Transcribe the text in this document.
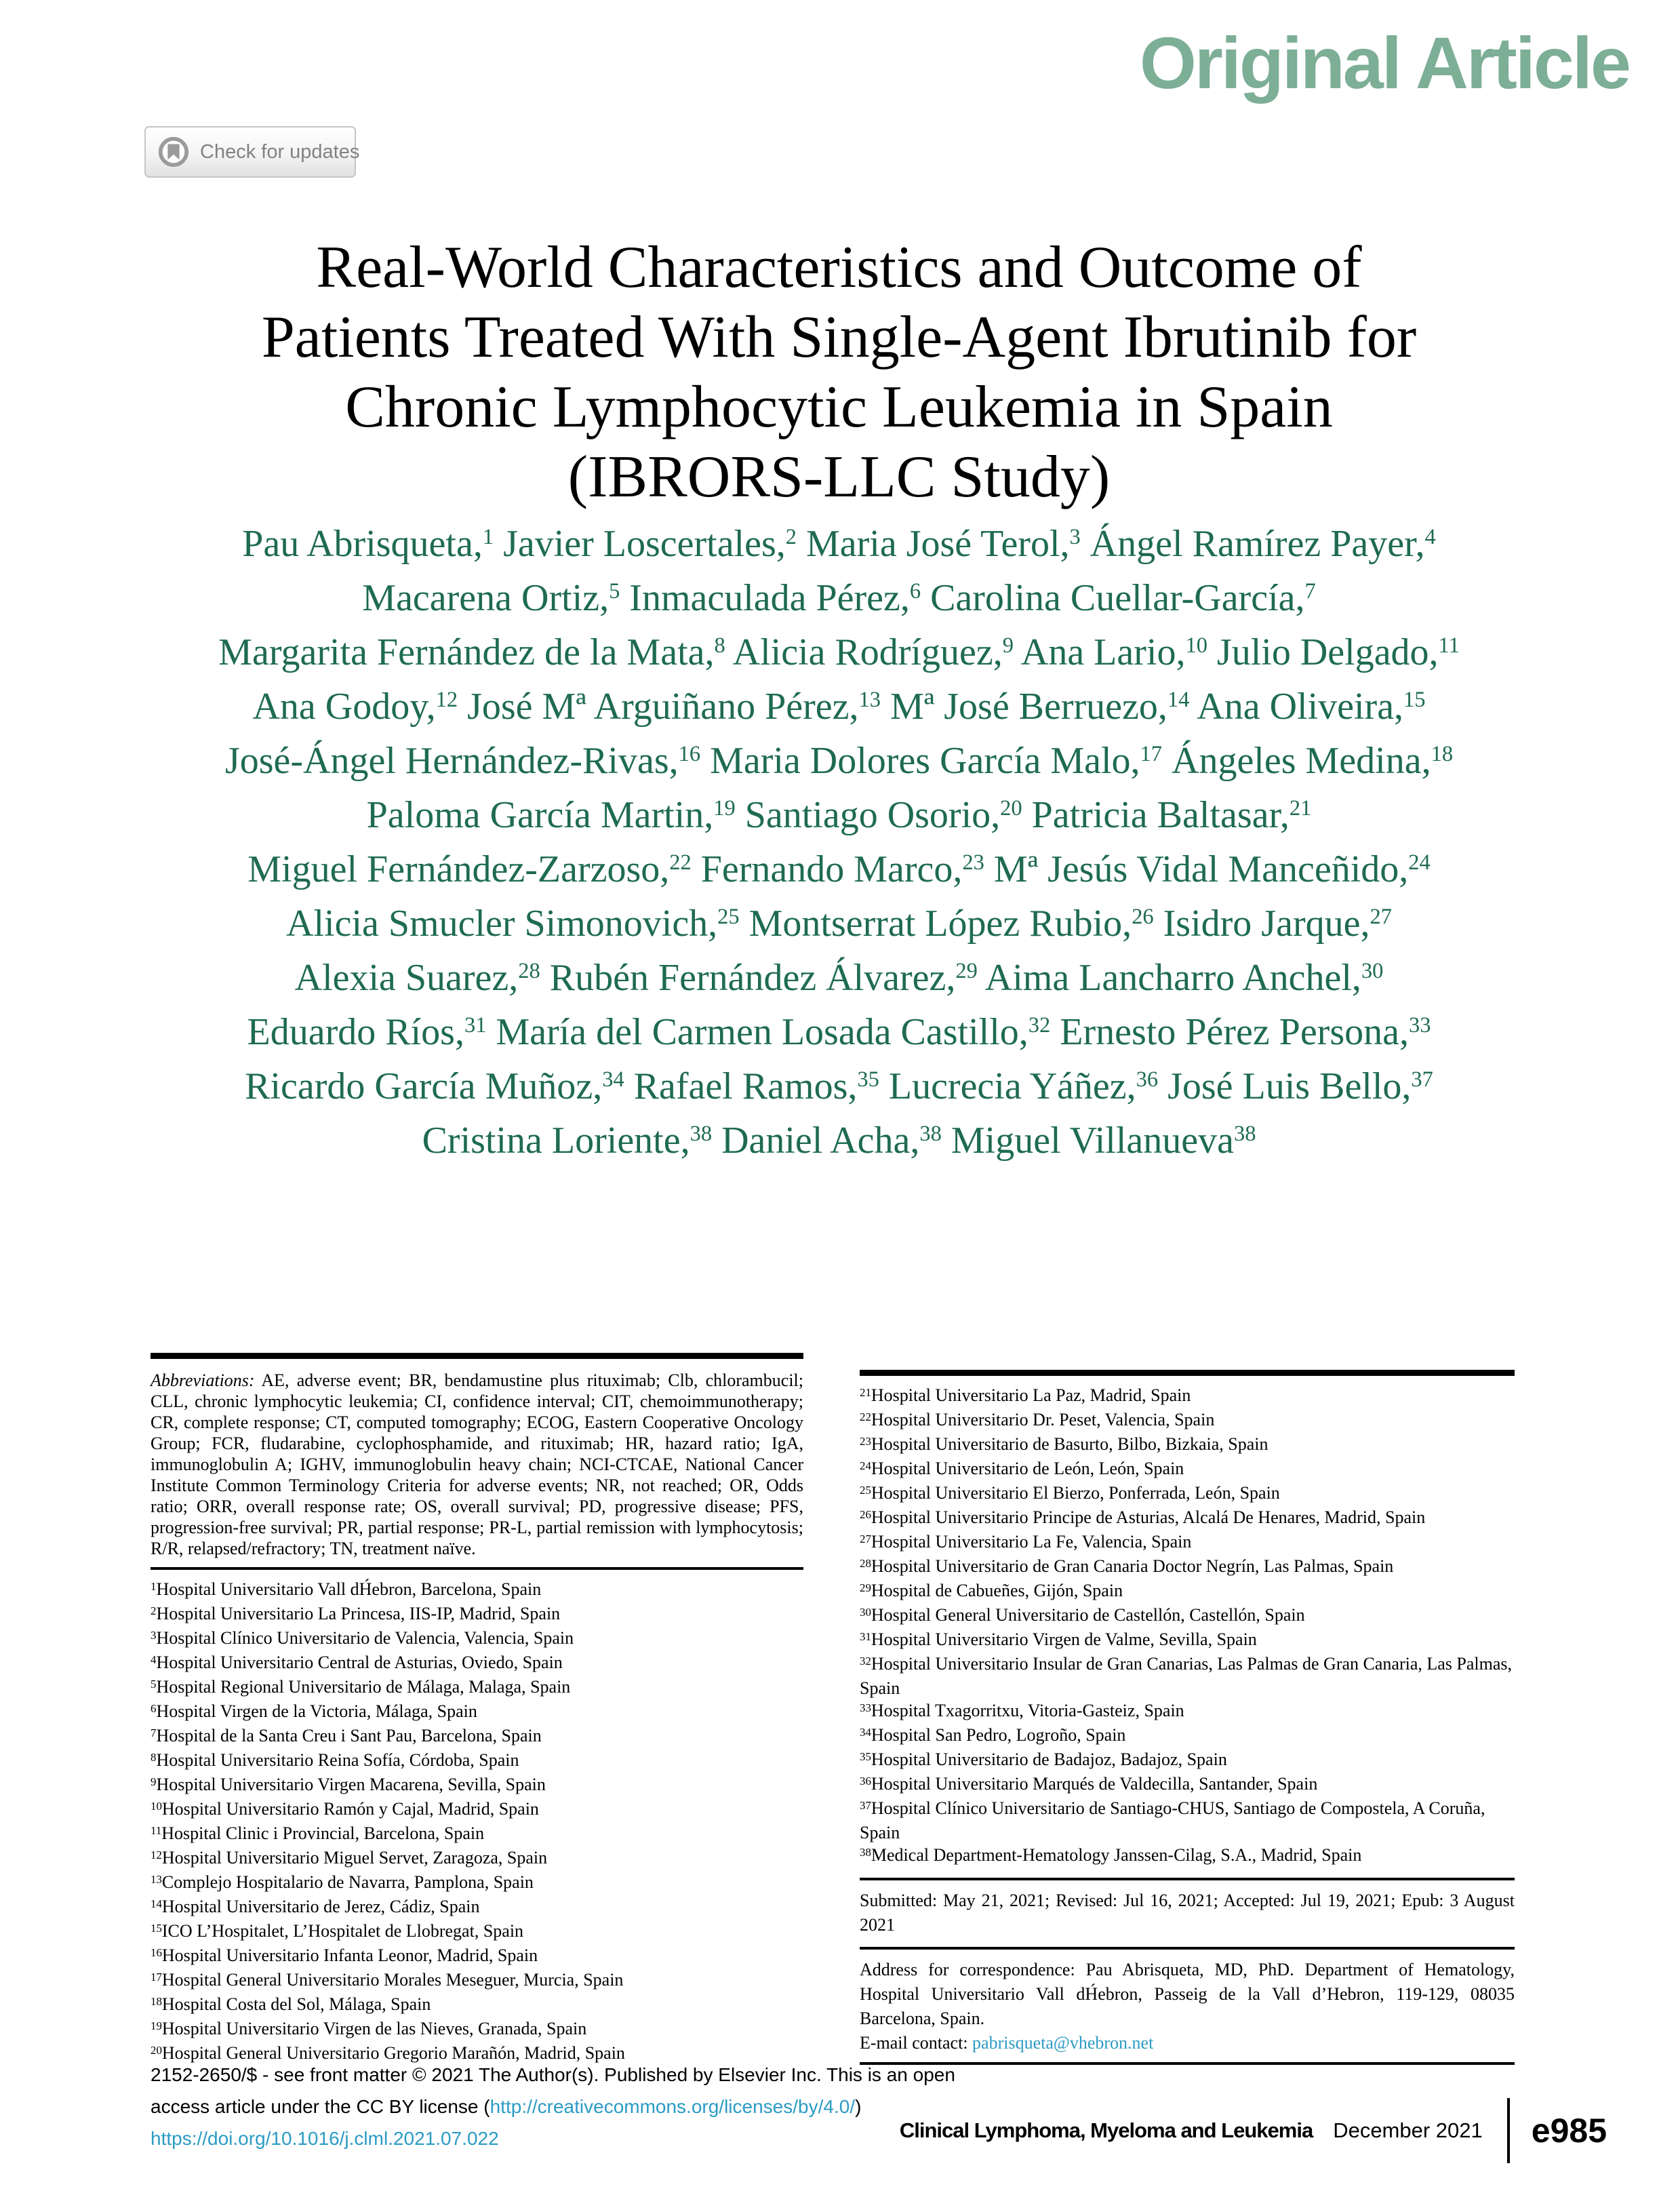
Original Article
Check for updates
Real-World Characteristics and Outcome of
Patients Treated With Single-Agent Ibrutinib for
Chronic Lymphocytic Leukemia in Spain
(IBRORS-LLC Study)
Pau Abrisqueta,$^1$ Javier Loscertales,$^2$ Maria José Terol,$^3$ Ángel Ramírez Payer,$^4$
Macarena Ortiz,$^5$ Inmaculada Pérez,$^6$ Carolina Cuellar-García,$^7$
Margarita Fernández de la Mata,$^8$ Alicia Rodríguez,$^9$ Ana Lario,$^{10}$ Julio Delgado,$^{11}$
Ana Godoy,$^{12}$ José Mª Arguiñano Pérez,$^{13}$ Mª José Berruezo,$^{14}$ Ana Oliveira,$^{15}$
José-Ángel Hernández-Rivas,$^{16}$ Maria Dolores García Malo,$^{17}$ Ángeles Medina,$^{18}$
Paloma García Martin,$^{19}$ Santiago Osorio,$^{20}$ Patricia Baltasar,$^{21}$
Miguel Fernández-Zarzoso,$^{22}$ Fernando Marco,$^{23}$ Mª Jesús Vidal Manceñido,$^{24}$
Alicia Smucler Simonovich,$^{25}$ Montserrat López Rubio,$^{26}$ Isidro Jarque,$^{27}$
Alexia Suarez,$^{28}$ Rubén Fernández Álvarez,$^{29}$ Aima Lancharro Anchel,$^{30}$
Eduardo Ríos,$^{31}$ María del Carmen Losada Castillo,$^{32}$ Ernesto Pérez Persona,$^{33}$
Ricardo García Muñoz,$^{34}$ Rafael Ramos,$^{35}$ Lucrecia Yáñez,$^{36}$ José Luis Bello,$^{37}$
Cristina Loriente,$^{38}$ Daniel Acha,$^{38}$ Miguel Villanueva$^{38}$

Abbreviations: AE, adverse event; BR, bendamustine plus rituximab; Clb, chlorambucil; CLL, chronic lymphocytic leukemia; CI, confidence interval; CIT, chemoimmunotherapy; CR, complete response; CT, computed tomography; ECOG, Eastern Cooperative Oncology Group; FCR, fludarabine, cyclophosphamide, and rituximab; HR, hazard ratio; IgA, immunoglobulin A; IGHV, immunoglobulin heavy chain; NCI-CTCAE, National Cancer Institute Common Terminology Criteria for adverse events; NR, not reached; OR, Odds ratio; ORR, overall response rate; OS, overall survival; PD, progressive disease; PFS, progression-free survival; PR, partial response; PR-L, partial remission with lymphocytosis; R/R, relapsed/refractory; TN, treatment naïve.

$^1$Hospital Universitario Vall dH́ebron, Barcelona, Spain
$^2$Hospital Universitario La Princesa, IIS-IP, Madrid, Spain
$^3$Hospital Clínico Universitario de Valencia, Valencia, Spain
$^4$Hospital Universitario Central de Asturias, Oviedo, Spain
$^5$Hospital Regional Universitario de Málaga, Malaga, Spain
$^6$Hospital Virgen de la Victoria, Málaga, Spain
$^7$Hospital de la Santa Creu i Sant Pau, Barcelona, Spain
$^8$Hospital Universitario Reina Sofía, Córdoba, Spain
$^9$Hospital Universitario Virgen Macarena, Sevilla, Spain
$^{10}$Hospital Universitario Ramón y Cajal, Madrid, Spain
$^{11}$Hospital Clinic i Provincial, Barcelona, Spain
$^{12}$Hospital Universitario Miguel Servet, Zaragoza, Spain
$^{13}$Complejo Hospitalario de Navarra, Pamplona, Spain
$^{14}$Hospital Universitario de Jerez, Cádiz, Spain
$^{15}$ICO L’Hospitalet, L’Hospitalet de Llobregat, Spain
$^{16}$Hospital Universitario Infanta Leonor, Madrid, Spain
$^{17}$Hospital General Universitario Morales Meseguer, Murcia, Spain
$^{18}$Hospital Costa del Sol, Málaga, Spain
$^{19}$Hospital Universitario Virgen de las Nieves, Granada, Spain
$^{20}$Hospital General Universitario Gregorio Marañón, Madrid, Spain
$^{21}$Hospital Universitario La Paz, Madrid, Spain
$^{22}$Hospital Universitario Dr. Peset, Valencia, Spain
$^{23}$Hospital Universitario de Basurto, Bilbo, Bizkaia, Spain
$^{24}$Hospital Universitario de León, León, Spain
$^{25}$Hospital Universitario El Bierzo, Ponferrada, León, Spain
$^{26}$Hospital Universitario Principe de Asturias, Alcalá De Henares, Madrid, Spain
$^{27}$Hospital Universitario La Fe, Valencia, Spain
$^{28}$Hospital Universitario de Gran Canaria Doctor Negrín, Las Palmas, Spain
$^{29}$Hospital de Cabueñes, Gijón, Spain
$^{30}$Hospital General Universitario de Castellón, Castellón, Spain
$^{31}$Hospital Universitario Virgen de Valme, Sevilla, Spain
$^{32}$Hospital Universitario Insular de Gran Canarias, Las Palmas de Gran Canaria, Las Palmas, Spain
$^{33}$Hospital Txagorritxu, Vitoria-Gasteiz, Spain
$^{34}$Hospital San Pedro, Logroño, Spain
$^{35}$Hospital Universitario de Badajoz, Badajoz, Spain
$^{36}$Hospital Universitario Marqués de Valdecilla, Santander, Spain
$^{37}$Hospital Clínico Universitario de Santiago-CHUS, Santiago de Compostela, A Coruña, Spain
$^{38}$Medical Department-Hematology Janssen-Cilag, S.A., Madrid, Spain

Submitted: May 21, 2021; Revised: Jul 16, 2021; Accepted: Jul 19, 2021; Epub: 3 August 2021

Address for correspondence: Pau Abrisqueta, MD, PhD. Department of Hematology, Hospital Universitario Vall dH́ebron, Passeig de la Vall d’Hebron, 119-129, 08035 Barcelona, Spain.

E-mail contact: pabrisqueta@vhebron.net
2152-2650/$ - see front matter © 2021 The Author(s). Published by Elsevier Inc. This is an open
access article under the CC BY license (http://creativecommons.org/licenses/by/4.0/)
https://doi.org/10.1016/j.clml.2021.07.022	Clinical Lymphoma, Myeloma and Leukemia December 2021 e985
